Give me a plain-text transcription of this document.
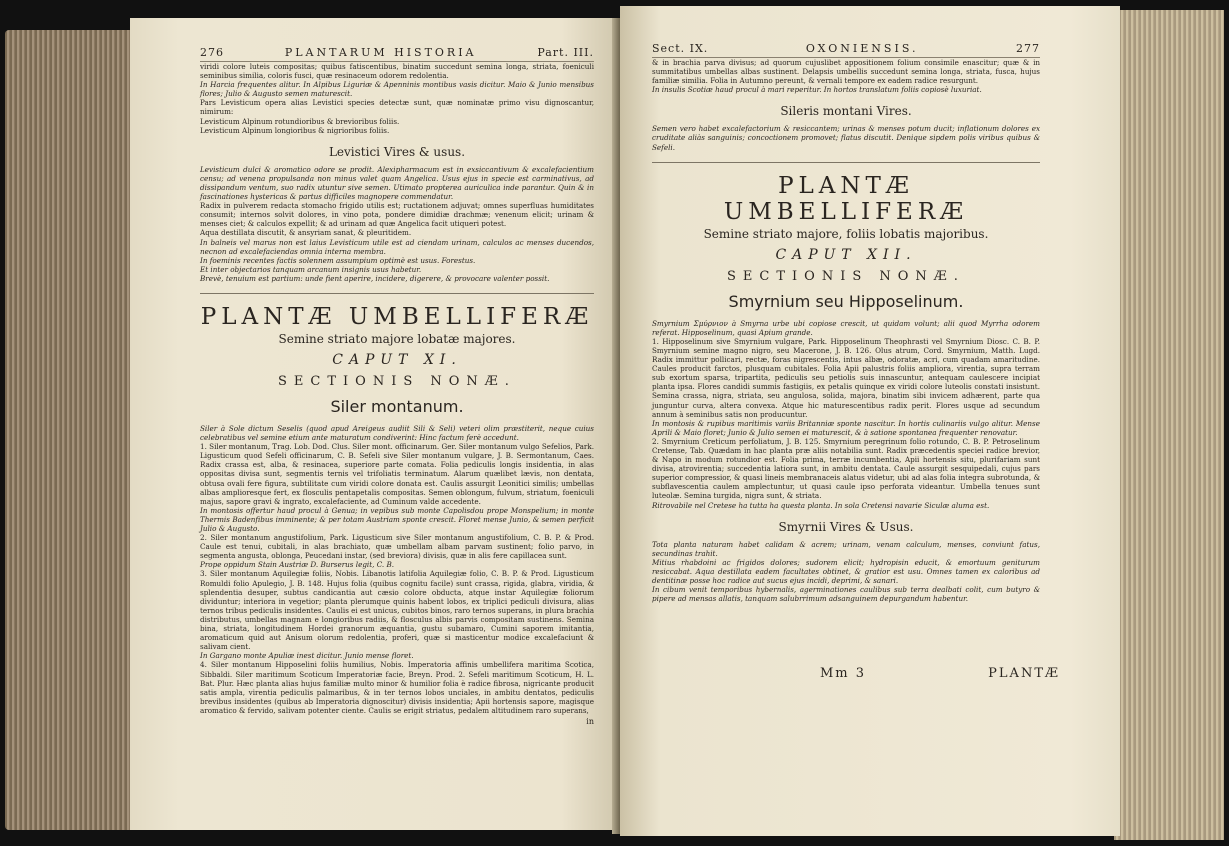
276	PLANTARUM HISTORIA	Part. III.

viridi colore luteis compositas; quibus fatiscentibus, binatim succedunt semina longa, striata, foeniculi seminibus similia, coloris fusci, quæ resinaceum odorem redolentia.

In Harcia frequentes alitur. In Alpibus Liguriæ & Apenninis montibus vasis dicitur. Maio & Junio mensibus flores; Julio & Augusto semen maturescit.

Pars Levisticum opera alias Levistici species detectæ sunt, quæ nominatæ primo visu dignoscantur, nimirum:

Levisticum Alpinum rotundioribus & brevioribus foliis.

Levisticum Alpinum longioribus & nigrioribus foliis.

Levistici Vires & usus.

Levisticum dulci & aromatico odore se prodit. Alexipharmacum est in exsiccantivum & excalefacientium censu; ad venena propulsanda non minus valet quam Angelica. Usus ejus in specie est carminativus, ad dissipandum ventum, suo radix utuntur sive semen. Utimato propterea auriculica inde parantur. Quin & in fascinationes hystericas & partus difficiles magnopere commendatur.

Radix in pulverem redacta stomacho frigido utilis est; ructationem adjuvat; omnes superfluas humiditates consumit; internos solvit dolores, in vino pota, pondere dimidiæ drachmæ; venenum elicit; urinam & menses ciet; & calculos expellit; & ad urinam ad quæ Angelica facit utiqueri potest.

Aqua destillata discutit, & ansyriam sanat, & pleuritidem.

In balneis vel marus non est laius Levisticum utile est ad ciendam urinam, calculos ac menses ducendos, necnon ad excalefaciendas omnia interna membra.

In foeminis recentes factis solennem assumpium optimè est usus. Forestus.

Et inter objectarios tanquam arcanum insignis usus habetur.

Brevè, tenuium est partium: unde fient aperire, incidere, digerere, & provocare valenter possit.

PLANTÆ UMBELLIFERÆ
Semine striato majore lobatæ majores.
CAPUT XI.
SECTIONIS NONÆ.
Siler montanum.

Siler à Sole dictum Seselis (quod apud Areigeus audiit Sili & Seli) veteri olim præstiterit, neque cuius celebratibus vel semine etium ante maturatum condiverint: Hinc factum ferè accedunt.

1. Siler montanum, Trag. Lob. Dod. Clus. Siler mont. officinarum. Ger. Siler montanum vulgo Sefelios, Park. Ligusticum quod Sefeli officinarum, C. B. Sefeli sive Siler montanum vulgare, J. B. Sermontanum, Caes. Radix crassa est, alba, & resinacea, superiore parte comata. Folia pediculis longis insidentia, in alas oppositas divisa sunt, segmentis ternis vel trifoliatis terminatum. Alarum quælibet lævis, non dentata, obtusa ovali fere figura, subtilitate cum viridi colore donata est. Caulis assurgit Leonitici similis; umbellas albas amplioresque fert, ex flosculis pentapetalis compositas. Semen oblongum, fulvum, striatum, foeniculi majus, sapore gravi & ingrato, excalefaciente, ad Cuminum valde accedente.

In montosis offertur haud procul à Genua; in vepibus sub monte Capolisdou prope Monspelium; in monte Thermis Badenfibus imminente; & per totam Austriam sponte crescit. Floret mense Junio, & semen perficit Julio & Augusto.

2. Siler montanum angustifolium, Park. Ligusticum sive Siler montanum angustifolium, C. B. P. & Prod. Caule est tenui, cubitali, in alas brachiato, quæ umbellam albam parvam sustinent; folio parvo, in segmenta angusta, oblonga, Peucedani instar, (sed breviora) divisis, quæ in alis fere capillacea sunt.

Prope oppidum Stain Austriæ D. Burserus legit, C. B.

3. Siler montanum Aquilegiæ foliis, Nobis. Libanotis latifolia Aquilegiæ folio, C. B. P. & Prod. Ligusticum Romuldi folio Apulegio, J. B. 148. Hujus folia (quibus cognitu facile) sunt crassa, rigida, glabra, viridia, & splendentia desuper, subtus candicantia aut cæsio colore obducta, atque instar Aquilegiæ foliorum dividuntur; interiora in vegetior; planta plerumque quinis habent lobos, ex triplici pediculi divisura, alias ternos tribus pediculis insidentes. Caulis ei est unicus, cubitos binos, raro ternos superans, in plura brachia distributus, umbellas magnam e longioribus radiis, & flosculus albis parvis compositam sustinens. Semina bina, striata, longitudinem Hordei granorum æquantia, gustu subamaro, Cumini saporem imitantia, aromaticum quid aut Anisum olorum redolentia, proferi, quæ si masticentur modice excalefaciunt & salivam cient.

In Gargano monte Apuliæ inest dicitur. Junio mense floret.

4. Siler montanum Hipposelini foliis humilius, Nobis. Imperatoria affinis umbellifera maritima Scotica, Sibbaldi. Siler maritimum Scoticum Imperatoriæ facie, Breyn. Prod. 2. Sefeli maritimum Scoticum, H. L. Bat. Plur. Hæc planta alias hujus familiæ multo minor & humilior folia è radice fibrosa, nigricante producit satis ampla, virentia pediculis palmaribus, & in ter ternos lobos unciales, in ambitu dentatos, pediculis brevibus insidentes (quibus ab Imperatoria dignoscitur) divisis insidentia; Apii hortensis sapore, magisque aromatico & fervido, salivam potenter ciente. Caulis se erigit striatus, pedalem altitudinem raro superans,

in
Sect. IX.	OXONIENSIS.	277

& in brachia parva divisus; ad quorum cujuslibet appositionem folium consimile enascitur; quæ & in summitatibus umbellas albas sustinent. Delapsis umbellis succedunt semina longa, striata, fusca, hujus familiæ similia. Folia in Autumno pereunt, & vernali tempore ex eadem radice resurgunt.

In insulis Scotiæ haud procul à mari reperitur. In hortos translatum foliis copiosè luxuriat.

Sileris montani Vires.

Semen vero habet excalefactorium & resiccantem; urinas & menses potum ducit; inflationum dolores ex cruditate aliàs sanguinis; concoctionem promovet; flatus discutit. Denique sipdem polis viribus quibus & Sefeli.

PLANTÆ UMBELLIFERÆ
Semine striato majore, foliis lobatis majoribus.
CAPUT XII.
SECTIONIS NONÆ.
Smyrnium seu Hipposelinum.

Smyrnium Σμύρνιον à Smyrna urbe ubi copiose crescit, ut quidam volunt; alii quod Myrrha odorem referat. Hipposelinum, quasi Apium grande.

1. Hipposelinum sive Smyrnium vulgare, Park. Hipposelinum Theophrasti vel Smyrnium Diosc. C. B. P. Smyrnium semine magno nigro, seu Macerone, J. B. 126. Olus atrum, Cord. Smyrnium, Matth. Lugd. Radix immittur pollicari, rectæ, foras nigrescentis, intus albæ, odoratæ, acri, cum quadam amaritudine. Caules producit farctos, plusquam cubitales. Folia Apii palustris foliis ampliora, virentia, supra terram sub exortum sparsa, tripartita, pediculis seu petiolis suis innascuntur, antequam caulescere incipiat planta ipsa. Flores candidi summis fastigiis, ex petalis quinque ex viridi colore luteolis constati insistunt. Semina crassa, nigra, striata, seu angulosa, solida, majora, binatim sibi invicem adhærent, parte qua junguntur curva, altera convexa. Atque hic maturescentibus radix perit. Flores usque ad secundum annum à seminibus satis non producuntur.

In montosis & rupibus maritimis variis Britanniæ sponte nascitur. In hortis culinariis vulgo alitur. Mense Aprili & Maio floret; Junio & Julio semen ei maturescit, & à satione spontanea frequenter renovatur.

2. Smyrnium Creticum perfoliatum, J. B. 125. Smyrnium peregrinum folio rotundo, C. B. P. Petroselinum Cretense, Tab. Quædam in hac planta præ aliis notabilia sunt. Radix præcedentis speciei radice brevior, & Napo in modum rotundior est. Folia prima, terræ incumbentia, Apii hortensis situ, plurifariam sunt divisa, atrovirentia; succedentia latiora sunt, in ambitu dentata. Caule assurgit sesquipedali, cujus pars superior compressior, & quasi lineis membranaceis alatus videtur, ubi ad alas folia integra subrotunda, & subflavescentia caulem amplectuntur, ut quasi caule ipso perforata videantur. Umbella tenues sunt luteolæ. Semina turgida, nigra sunt, & striata.

Ritrovabile nel Cretese ha tutta ha questa planta. In sola Cretensi navarie Siculæ aluma est.

Smyrnii Vires & Usus.

Tota planta naturam habet calidam & acrem; urinam, venam calculum, menses, conviunt fatus, secundinas trahit.

Mitius rhabdoini ac frigidos dolores; sudorem elicit; hydropisin educit, & emortuum geniturum resiccabat. Aqua destillata eadem facultates obtinet, & gratior est usu. Omnes tamen ex caloribus ad dentitinæ posse hoc radice aut sucus ejus incidi, deprimi, & sanari.

In cibum venit temporibus hybernalis, agerminationes caulibus sub terra dealbati colit, cum butyro & pipere ad mensas allatis, tanquam salubrrimum adsanguinem depurgandum habentur.

Mm 3	PLANTÆ
